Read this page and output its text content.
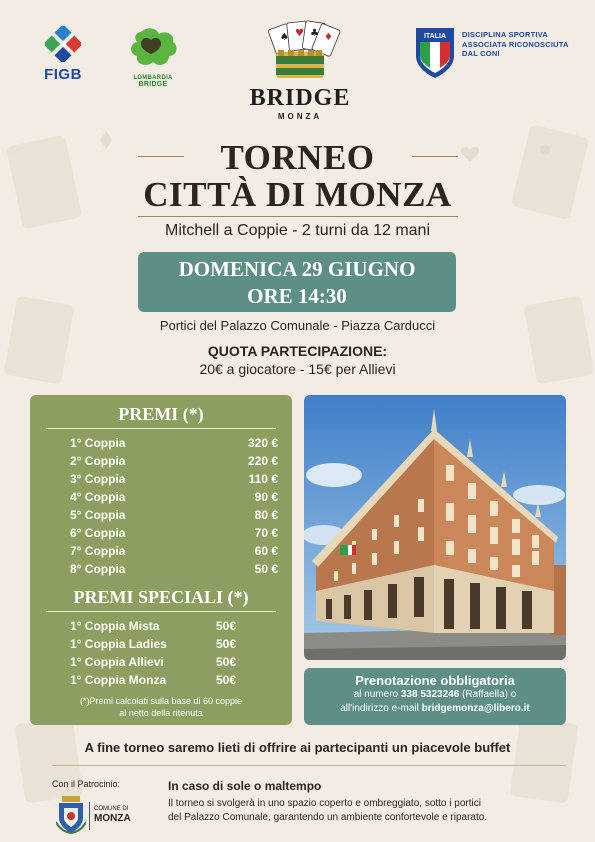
♠
FIGB	LOMBARDIA
BRIDGE
♠ ♥ ♣ ♦
BRIDGE
MONZA
ITALIA DISCIPLINA SPORTIVA
ASSOCIATA RICONOSCIUTA
DAL CONI
TORNEO
CITTÀ DI MONZA
Mitchell a Coppie - 2 turni da 12 mani
DOMENICA 29 GIUGNO
ORE 14:30
Portici del Palazzo Comunale - Piazza Carducci
QUOTA PARTECIPAZIONE:
20€ a giocatore - 15€ per Allievi
PREMI (*)
1° Coppia	320 €
2° Coppia	220 €
3° Coppia	110 €
4° Coppia	90 €
5° Coppia	80 €
6° Coppia	70 €
7° Coppia	60 €
8° Coppia	50 €
PREMI SPECIALI (*)
1° Coppia Mista	50€
1° Coppia Ladies	50€
1° Coppia Allievi	50€
1° Coppia Monza	50€
(*)Premi calcolati sulla base di 60 coppie
al netto della ritenuta
Prenotazione obbligatoria
al numero 338 5323246 (Raffaella) o
all'indirizzo e-mail bridgemonza@libero.it
A fine torneo saremo lieti di offrire ai partecipanti un piacevole buffet
Con il Patrocinio:
COMUNE DI
MONZA
In caso di sole o maltempo
Il torneo si svolgerà in uno spazio coperto e ombreggiato, sotto i portici
del Palazzo Comunale, garantendo un ambiente confortevole e riparato.
